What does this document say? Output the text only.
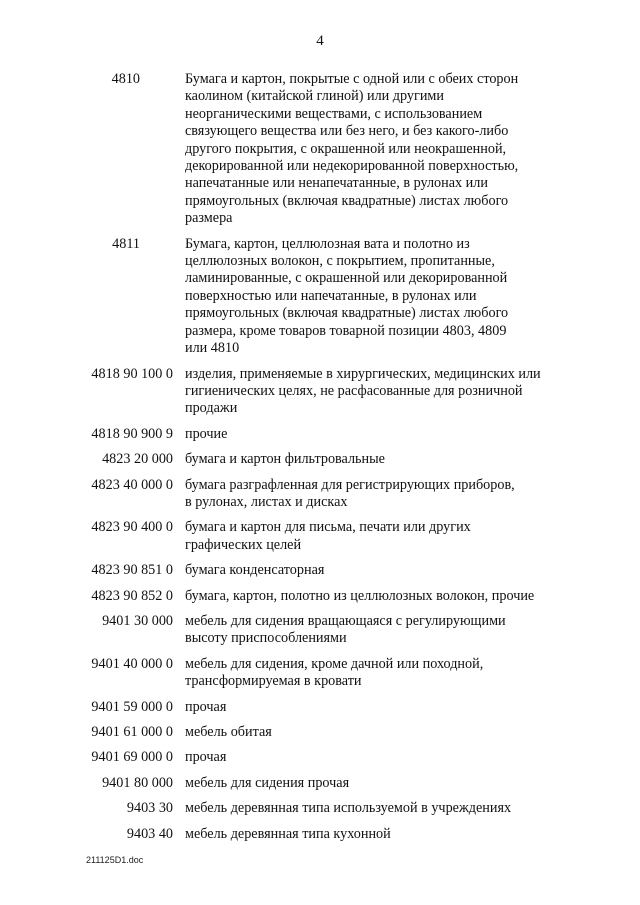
4
4810	Бумага и картон, покрытые с одной или с обеих сторон
каолином (китайской глиной) или другими
неорганическими веществами, с использованием
связующего вещества или без него, и без какого-либо
другого покрытия, с окрашенной или неокрашенной,
декорированной или недекорированной поверхностью,
напечатанные или ненапечатанные, в рулонах или
прямоугольных (включая квадратные) листах любого
размера
4811	Бумага, картон, целлюлозная вата и полотно из
целлюлозных волокон, с покрытием, пропитанные,
ламинированные, с окрашенной или декорированной
поверхностью или напечатанные, в рулонах или
прямоугольных (включая квадратные) листах любого
размера, кроме товаров товарной позиции 4803, 4809
или 4810
4818 90 100 0 изделия, применяемые в хирургических, медицинских или
гигиенических целях, не расфасованные для розничной
продажи
4818 90 900 9 прочие
4823 20 000 бумага и картон фильтровальные
4823 40 000 0 бумага разграфленная для регистрирующих приборов,
в рулонах, листах и дисках
4823 90 400 0 бумага и картон для письма, печати или других
графических целей
4823 90 851 0 бумага конденсаторная
4823 90 852 0 бумага, картон, полотно из целлюлозных волокон, прочие
9401 30 000 мебель для сидения вращающаяся с регулирующими
высоту приспособлениями
9401 40 000 0 мебель для сидения, кроме дачной или походной,
трансформируемая в кровати
9401 59 000 0 прочая
9401 61 000 0 мебель обитая
9401 69 000 0 прочая
9401 80 000 мебель для сидения прочая
9403 30 мебель деревянная типа используемой в учреждениях
9403 40 мебель деревянная типа кухонной
211125D1.doc
